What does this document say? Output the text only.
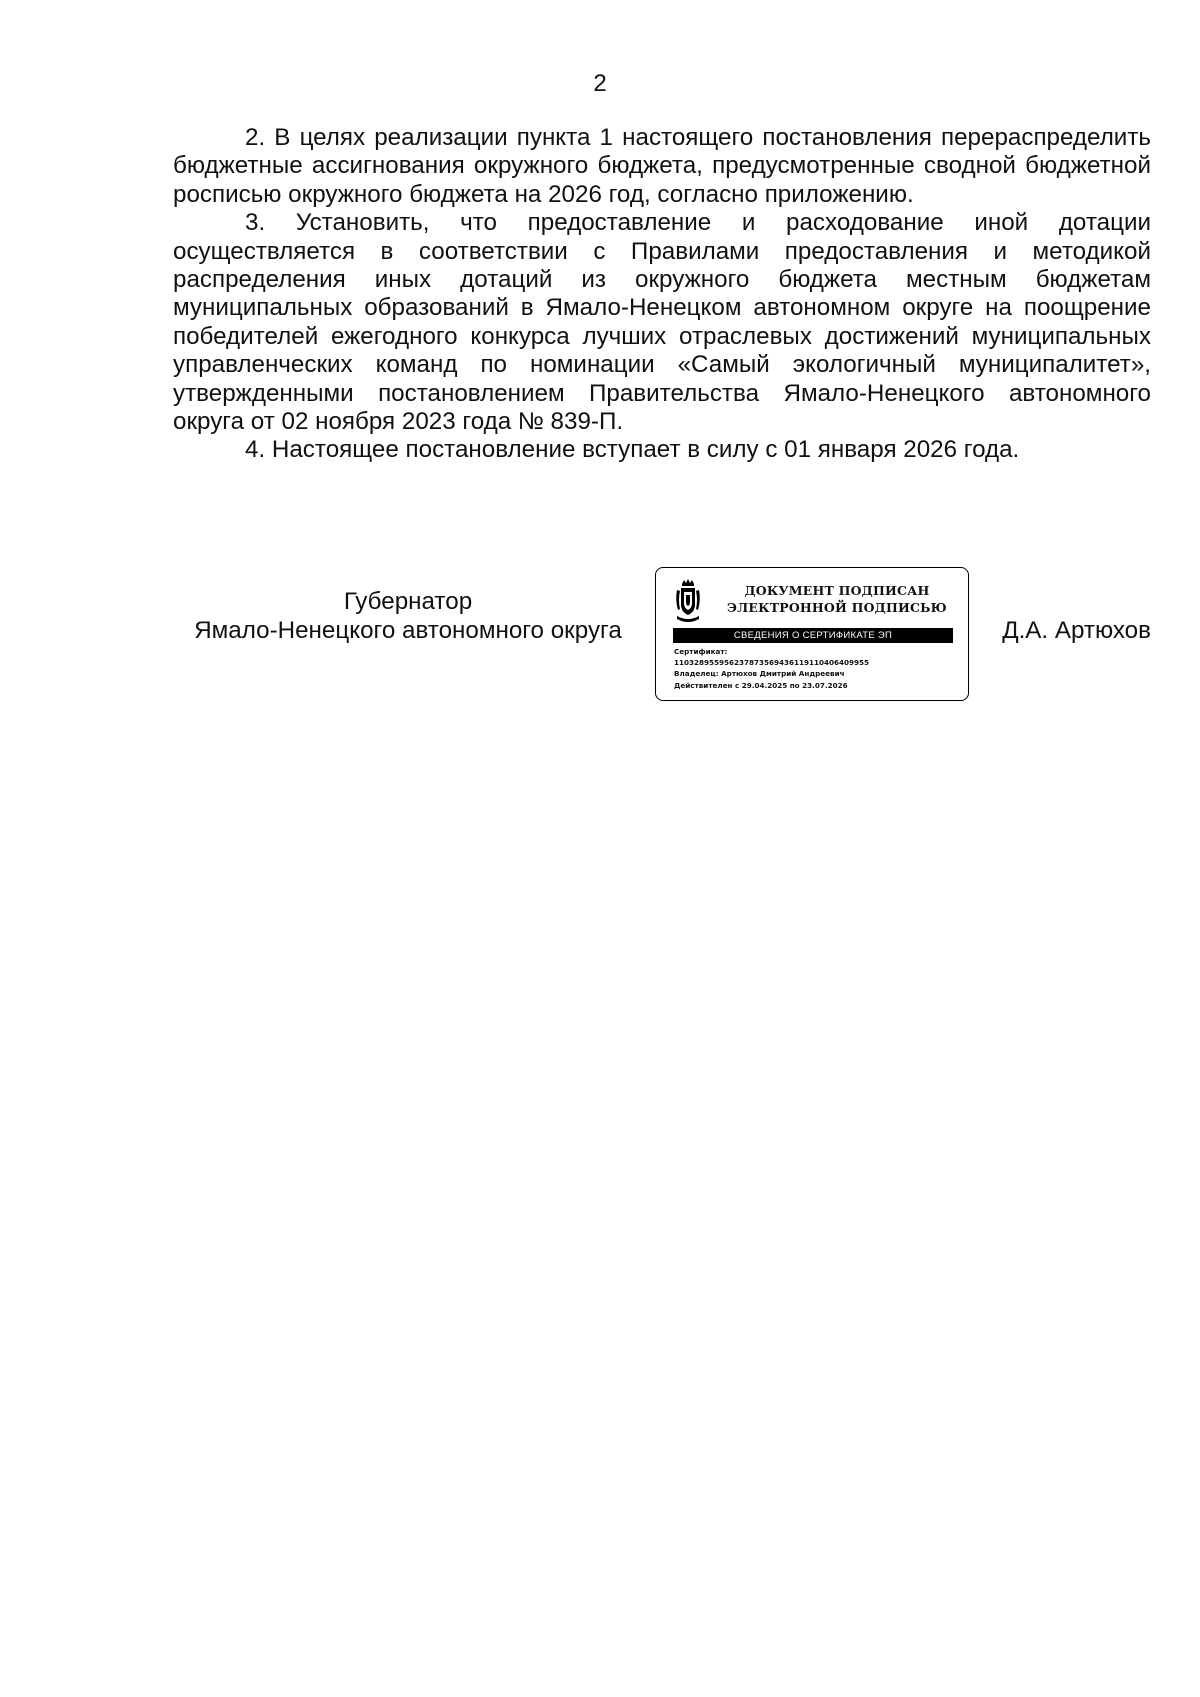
2

2. В целях реализации пункта 1 настоящего постановления перераспределить бюджетные ассигнования окружного бюджета, предусмотренные сводной бюджетной росписью окружного бюджета на 2026 год, согласно приложению.

3. Установить, что предоставление и расходование иной дотации осуществляется в соответствии с Правилами предоставления и методикой распределения иных дотаций из окружного бюджета местным бюджетам муниципальных образований в Ямало-Ненецком автономном округе на поощрение победителей ежегодного конкурса лучших отраслевых достижений муниципальных управленческих команд по номинации «Самый экологичный муниципалитет», утвержденными постановлением Правительства Ямало-Ненецкого автономного округа от 02 ноября 2023 года № 839-П.

4. Настоящее постановление вступает в силу с 01 января 2026 года.

Губернатор
Ямало-Ненецкого автономного округа
ДОКУМЕНТ ПОДПИСАН
ЭЛЕКТРОННОЙ ПОДПИСЬЮ
СВЕДЕНИЯ О СЕРТИФИКАТЕ ЭП
Сертификат:
110328955956237873569436119110406409955
Владелец: Артюхов Дмитрий Андреевич
Действителен с 29.04.2025 по 23.07.2026
Д.А. Артюхов
